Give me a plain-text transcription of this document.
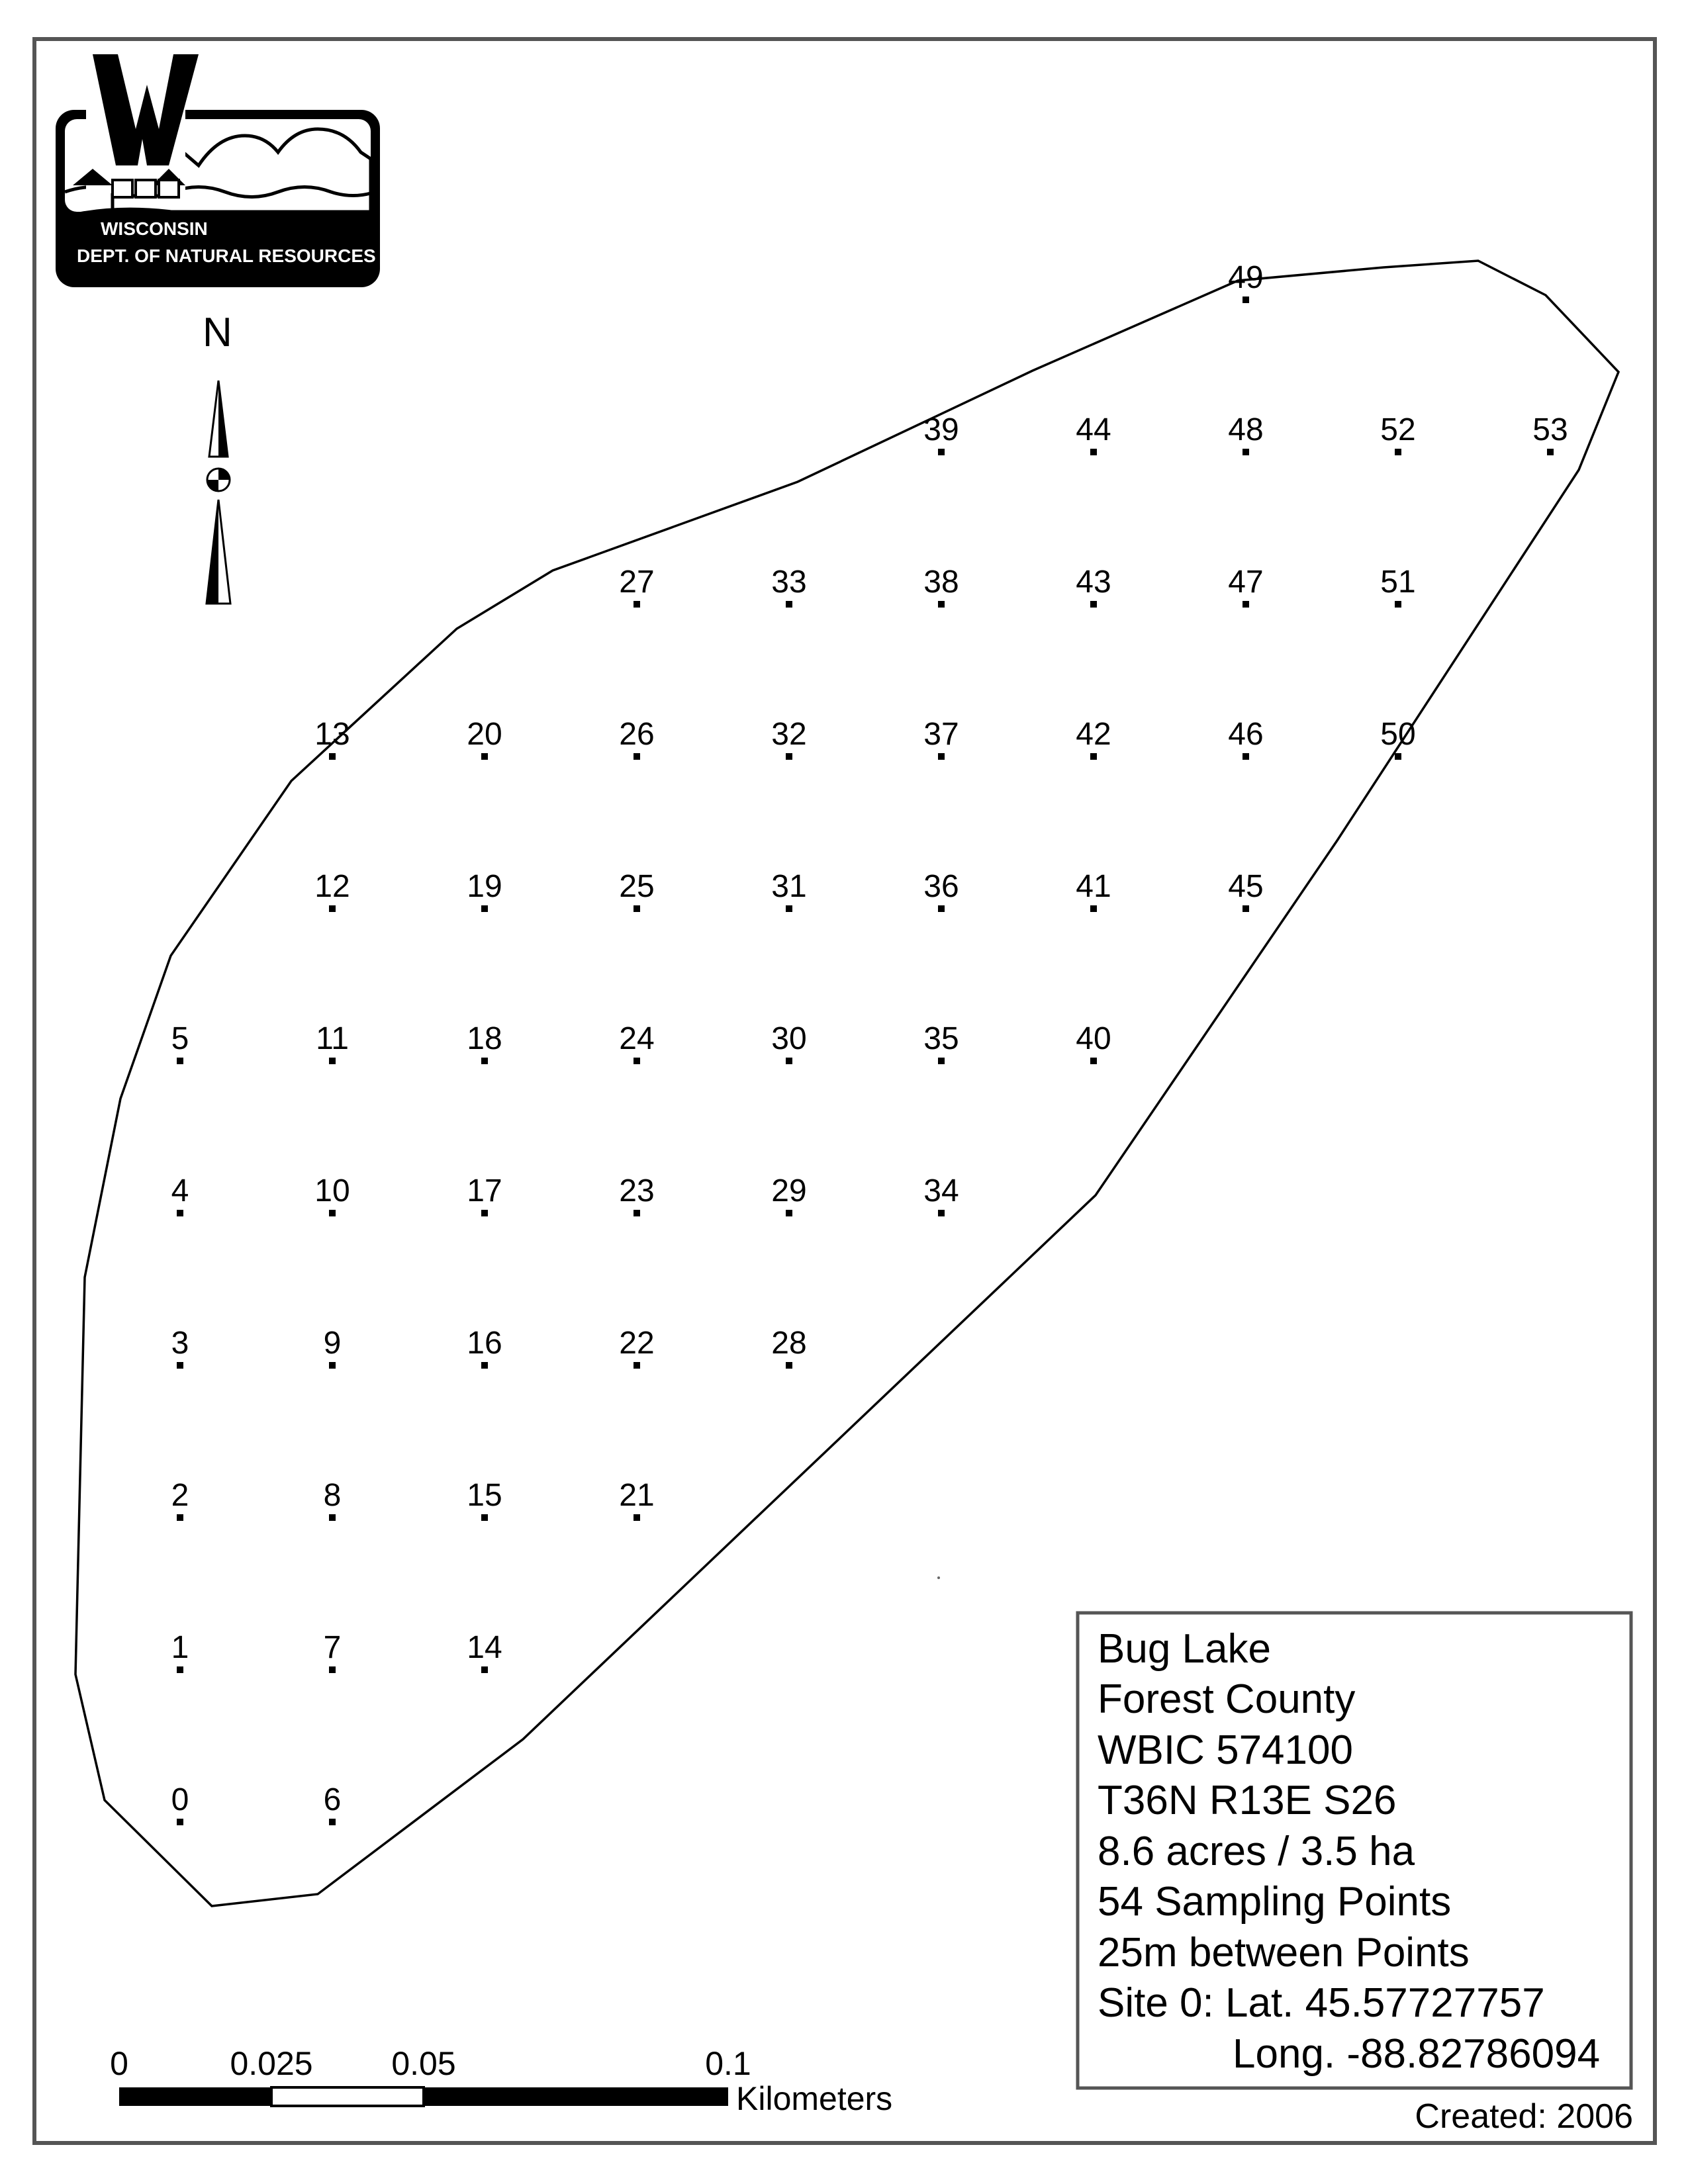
WISCONSIN
DEPT. OF NATURAL RESOURCES
N
0
1
2
3
4
5
6
7
8
9
10
11
12
13
14
15
16
17
18
19
20
21
22
23
24
25
26
27
28
29
30
31
32
33
34
35
36
37
38
39
40
41
42
43
44
45
46
47
48
49
50
51
52	53
0	0.025 0.05	0.1
Kilometers
Bug Lake
Forest County
WBIC 574100
T36N R13E S26
8.6 acres / 3.5 ha
54 Sampling Points
25m between Points
Site 0: Lat. 45.57727757
Long. -88.82786094
Created: 2006
